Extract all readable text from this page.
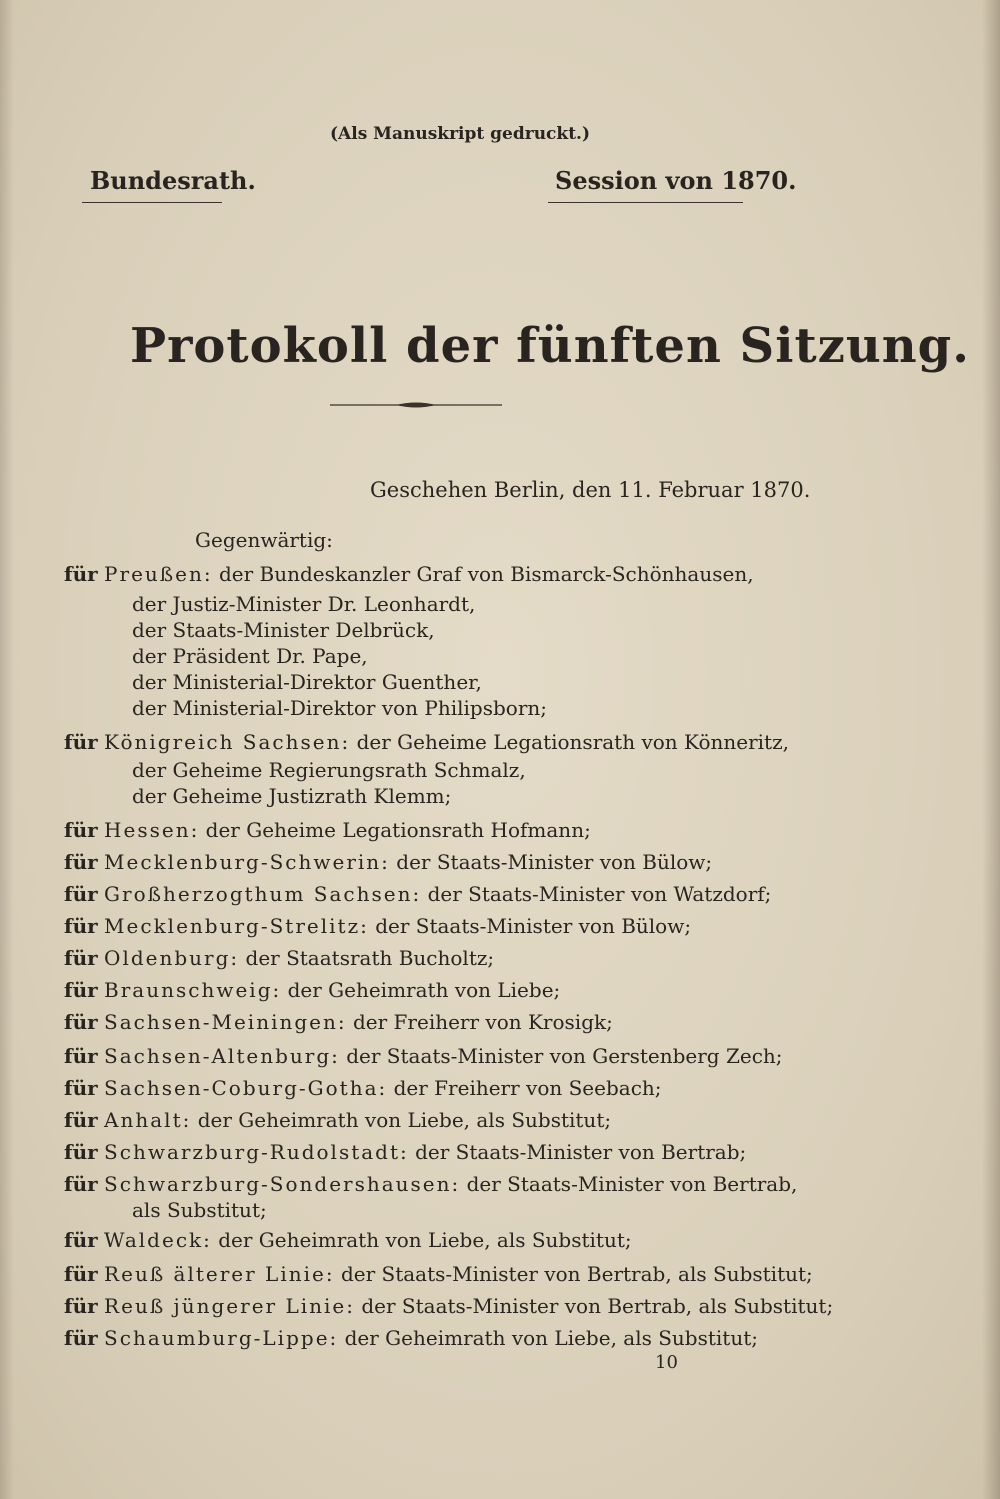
(Als Manuskript gedruckt.)
Bundesrath.	Session von 1870.
Protokoll der fünften Sitzung.
Geschehen Berlin, den 11. Februar 1870.
Gegenwärtig:
für Preußen: der Bundeskanzler Graf von Bismarck-Schönhausen,
der Justiz-Minister Dr. Leonhardt,
der Staats-Minister Delbrück,
der Präsident Dr. Pape,
der Ministerial-Direktor Guenther,
der Ministerial-Direktor von Philipsborn;
für Königreich Sachsen: der Geheime Legationsrath von Könneritz,
der Geheime Regierungsrath Schmalz,
der Geheime Justizrath Klemm;
für Hessen: der Geheime Legationsrath Hofmann;
für Mecklenburg-Schwerin: der Staats-Minister von Bülow;
für Großherzogthum Sachsen: der Staats-Minister von Watzdorf;
für Mecklenburg-Strelitz: der Staats-Minister von Bülow;
für Oldenburg: der Staatsrath Bucholtz;
für Braunschweig: der Geheimrath von Liebe;
für Sachsen-Meiningen: der Freiherr von Krosigk;
für Sachsen-Altenburg: der Staats-Minister von Gerstenberg Zech;
für Sachsen-Coburg-Gotha: der Freiherr von Seebach;
für Anhalt: der Geheimrath von Liebe, als Substitut;
für Schwarzburg-Rudolstadt: der Staats-Minister von Bertrab;
für Schwarzburg-Sondershausen: der Staats-Minister von Bertrab,
als Substitut;
für Waldeck: der Geheimrath von Liebe, als Substitut;
für Reuß älterer Linie: der Staats-Minister von Bertrab, als Substitut;
für Reuß jüngerer Linie: der Staats-Minister von Bertrab, als Substitut;
für Schaumburg-Lippe: der Geheimrath von Liebe, als Substitut;
10
